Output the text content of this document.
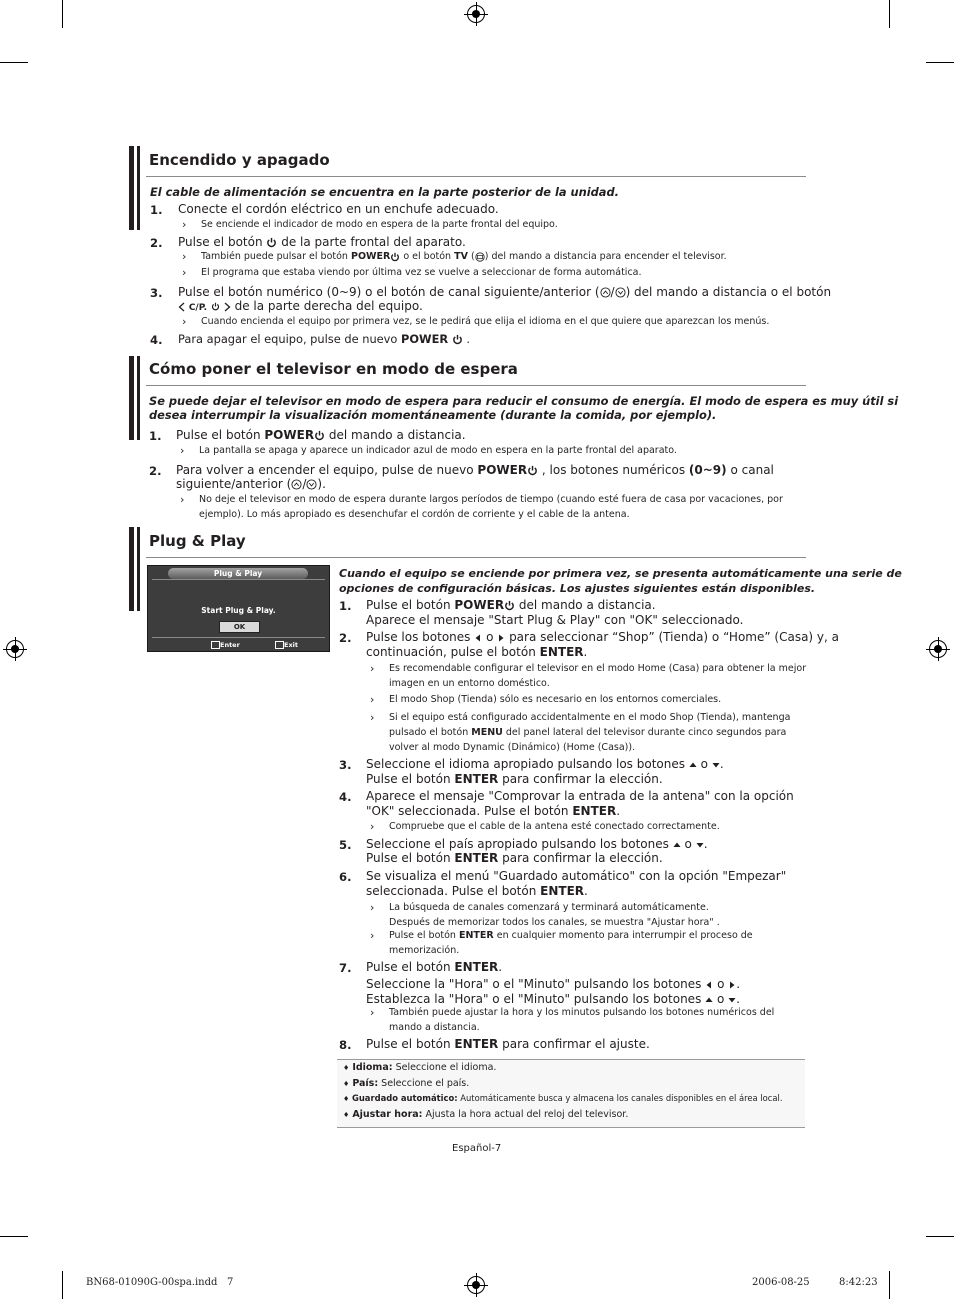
Encendido y apagado

El cable de alimentación se encuentra en la parte posterior de la unidad.

1. Conecte el cordón eléctrico en un enchufe adecuado.
› Se enciende el indicador de modo en espera de la parte frontal del equipo.
2. Pulse el botón de la parte frontal del aparato.
› También puede pulsar el botón POWER o el botón TV ( ) del mando a distancia para encender el televisor.
› El programa que estaba viendo por última vez se vuelve a seleccionar de forma automática.
3. Pulse el botón numérico (0~9) o el botón de canal siguiente/anterior ( / ) del mando a distancia o el botón
C/P. de la parte derecha del equipo.
› Cuando encienda el equipo por primera vez, se le pedirá que elija el idioma en el que quiere que aparezcan los menús.
4. Para apagar el equipo, pulse de nuevo POWER .
Cómo poner el televisor en modo de espera

Se puede dejar el televisor en modo de espera para reducir el consumo de energía. El modo de espera es muy útil si

desea interrumpir la visualización momentáneamente (durante la comida, por ejemplo).

1. Pulse el botón POWER del mando a distancia.
› La pantalla se apaga y aparece un indicador azul de modo en espera en la parte frontal del aparato.
2. Para volver a encender el equipo, pulse de nuevo POWER , los botones numéricos (0~9) o canal
siguiente/anterior ( / ).
› No deje el televisor en modo de espera durante largos períodos de tiempo (cuando esté fuera de casa por vacaciones, por
ejemplo). Lo más apropiado es desenchufar el cordón de corriente y el cable de la antena.
Plug & Play
Plug & Play
Start Plug & Play.
OK
Enter	Exit

Cuando el equipo se enciende por primera vez, se presenta automáticamente una serie de

opciones de configuración básicas. Los ajustes siguientes están disponibles.

1. Pulse el botón POWER del mando a distancia.
Aparece el mensaje "Start Plug & Play" con "OK" seleccionado.
2. Pulse los botones o para seleccionar “Shop” (Tienda) o “Home” (Casa) y, a
continuación, pulse el botón ENTER.
› Es recomendable configurar el televisor en el modo Home (Casa) para obtener la mejor
imagen en un entorno doméstico.
› El modo Shop (Tienda) sólo es necesario en los entornos comerciales.
› Si el equipo está configurado accidentalmente en el modo Shop (Tienda), mantenga
pulsado el botón MENU del panel lateral del televisor durante cinco segundos para
volver al modo Dynamic (Dinámico) (Home (Casa)).
3. Seleccione el idioma apropiado pulsando los botones o .
Pulse el botón ENTER para confirmar la elección.
4. Aparece el mensaje "Comprovar la entrada de la antena" con la opción
"OK" seleccionada. Pulse el botón ENTER.
› Compruebe que el cable de la antena esté conectado correctamente.
5. Seleccione el país apropiado pulsando los botones o .
Pulse el botón ENTER para confirmar la elección.
6. Se visualiza el menú "Guardado automático" con la opción "Empezar"
seleccionada. Pulse el botón ENTER.
› La búsqueda de canales comenzará y terminará automáticamente.
Después de memorizar todos los canales, se muestra "Ajustar hora" .
› Pulse el botón ENTER en cualquier momento para interrumpir el proceso de
memorización.
7. Pulse el botón ENTER.
Seleccione la "Hora" o el "Minuto" pulsando los botones o .
Establezca la "Hora" o el "Minuto" pulsando los botones o .
› También puede ajustar la hora y los minutos pulsando los botones numéricos del
mando a distancia.
8. Pulse el botón ENTER para confirmar el ajuste.
♦ Idioma: Seleccione el idioma.
♦ País: Seleccione el país.
♦ Guardado automático: Automáticamente busca y almacena los canales disponibles en el área local.
♦ Ajustar hora: Ajusta la hora actual del reloj del televisor.
Español-7
BN68-01090G-00spa.indd   7	2006-08-25	8:42:23
